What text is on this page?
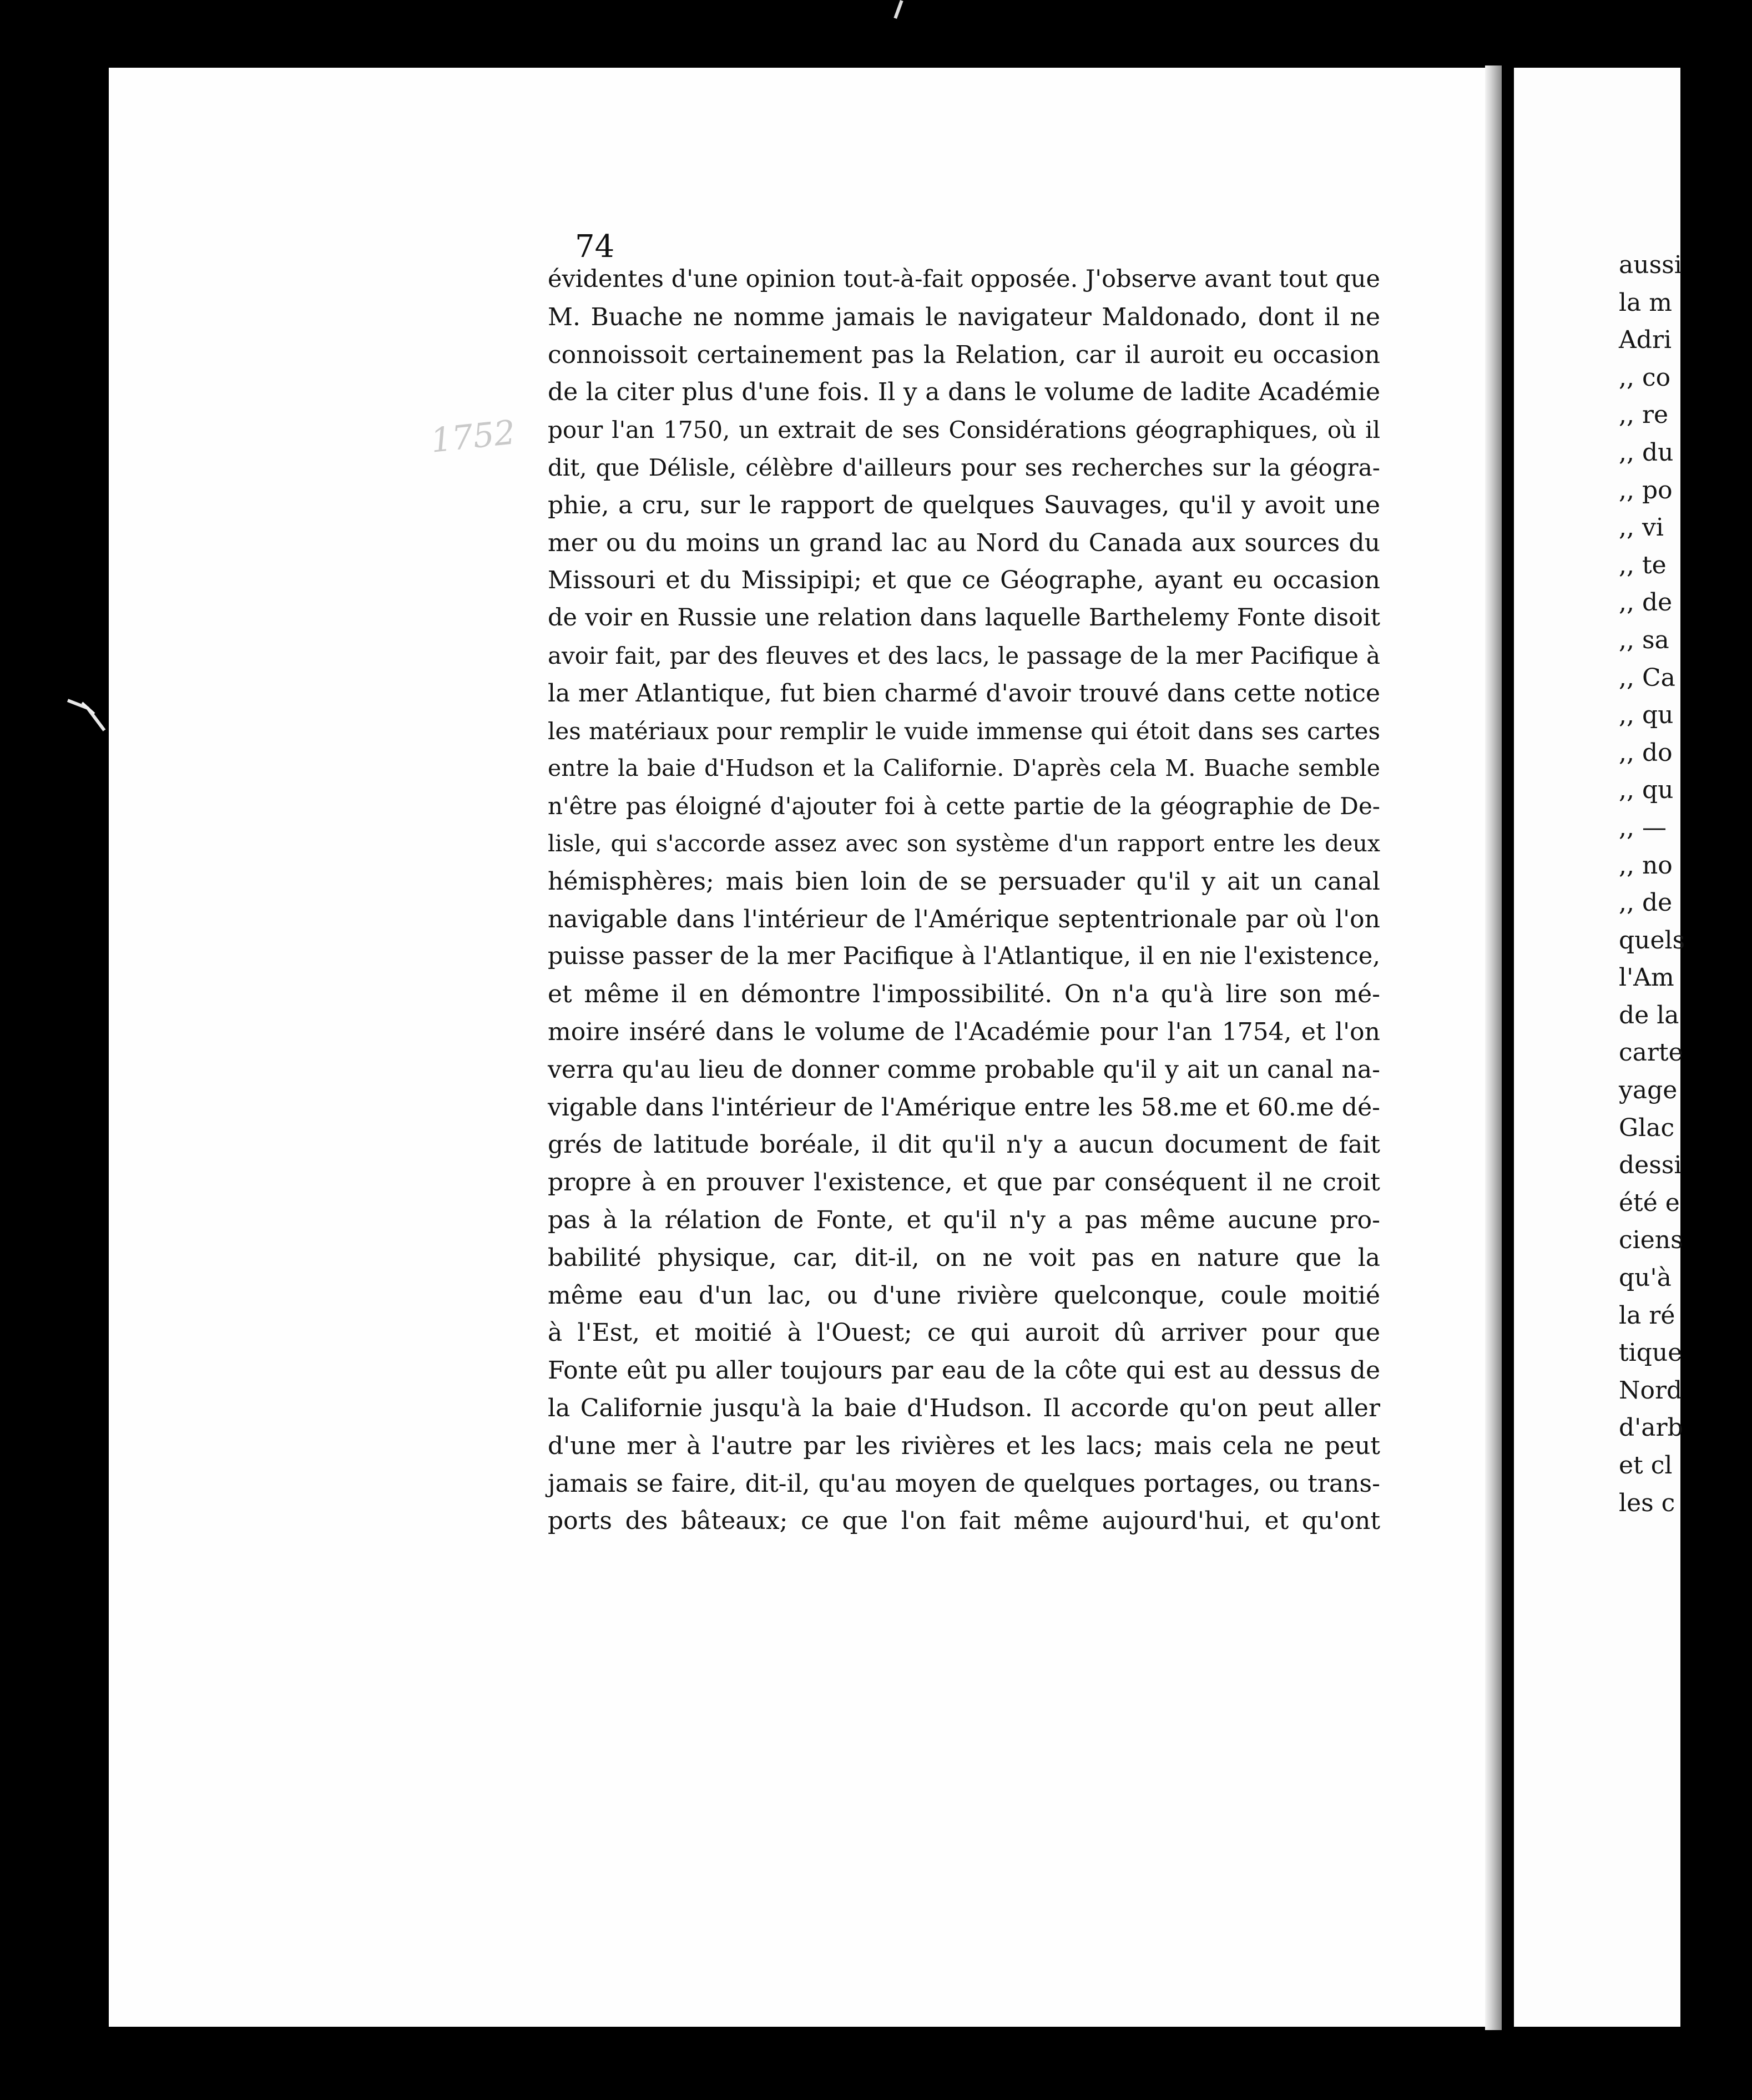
1752
74
évidentes d'une opinion tout-à-fait opposée. J'observe avant tout que
M. Buache ne nomme jamais le navigateur Maldonado, dont il ne
connoissoit certainement pas la Relation, car il auroit eu occasion
de la citer plus d'une fois. Il y a dans le volume de ladite Académie
pour l'an 1750, un extrait de ses Considérations géographiques, où il
dit, que Délisle, célèbre d'ailleurs pour ses recherches sur la géogra-
phie, a cru, sur le rapport de quelques Sauvages, qu'il y avoit une
mer ou du moins un grand lac au Nord du Canada aux sources du
Missouri et du Missipipi; et que ce Géographe, ayant eu occasion
de voir en Russie une relation dans laquelle Barthelemy Fonte disoit
avoir fait, par des fleuves et des lacs, le passage de la mer Pacifique à
la mer Atlantique, fut bien charmé d'avoir trouvé dans cette notice
les matériaux pour remplir le vuide immense qui étoit dans ses cartes
entre la baie d'Hudson et la Californie. D'après cela M. Buache semble
n'être pas éloigné d'ajouter foi à cette partie de la géographie de De-
lisle, qui s'accorde assez avec son système d'un rapport entre les deux
hémisphères; mais bien loin de se persuader qu'il y ait un canal
navigable dans l'intérieur de l'Amérique septentrionale par où l'on
puisse passer de la mer Pacifique à l'Atlantique, il en nie l'existence,
et même il en démontre l'impossibilité. On n'a qu'à lire son mé-
moire inséré dans le volume de l'Académie pour l'an 1754, et l'on
verra qu'au lieu de donner comme probable qu'il y ait un canal na-
vigable dans l'intérieur de l'Amérique entre les 58.me et 60.me dé-
grés de latitude boréale, il dit qu'il n'y a aucun document de fait
propre à en prouver l'existence, et que par conséquent il ne croit
pas à la rélation de Fonte, et qu'il n'y a pas même aucune pro-
babilité physique, car, dit-il, on ne voit pas en nature que la
même eau d'un lac, ou d'une rivière quelconque, coule moitié
à l'Est, et moitié à l'Ouest; ce qui auroit dû arriver pour que
Fonte eût pu aller toujours par eau de la côte qui est au dessus de
la Californie jusqu'à la baie d'Hudson. Il accorde qu'on peut aller
d'une mer à l'autre par les rivières et les lacs; mais cela ne peut
jamais se faire, dit-il, qu'au moyen de quelques portages, ou trans-
ports des bâteaux; ce que l'on fait même aujourd'hui, et qu'ont
aussi
la m
Adri
,, co
,, re
,, du
,, po
,, vi
,, te
,, de
,, sa
,, Ca
,, qu
,, do
,, qu
,, —
,, no
,, de
quels
l'Am
de la
carte
yage
Glac
dessi
été e
ciens
qu'à
la ré
tique
Nord
d'arb
et cl
les c
